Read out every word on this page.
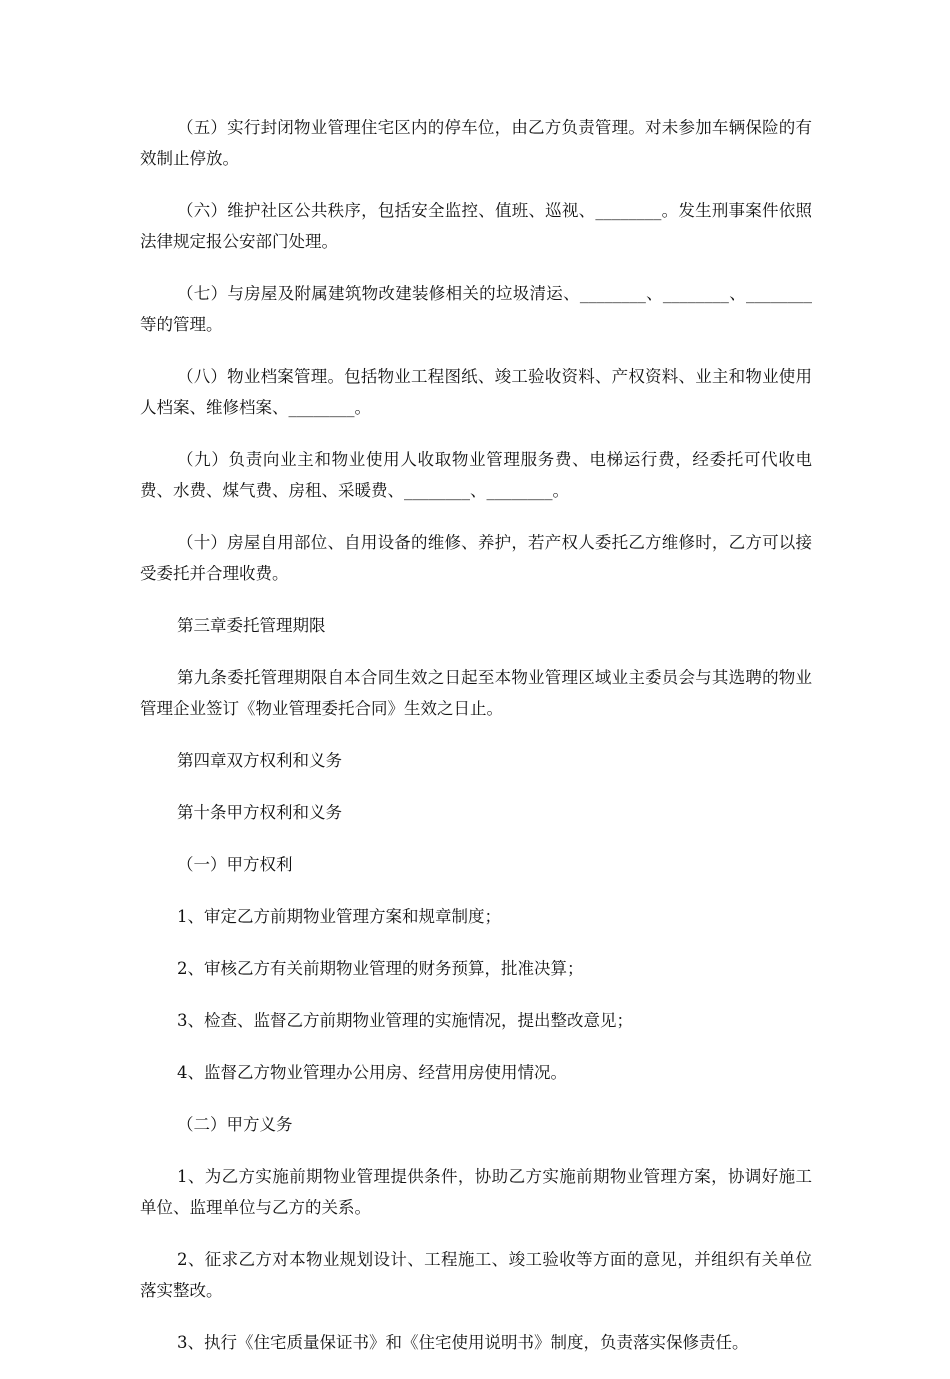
（五）实行封闭物业管理住宅区内的停车位，由乙方负责管理。对未参加车辆保险的有效制止停放。

（六）维护社区公共秩序，包括安全监控、值班、巡视、________。发生刑事案件依照法律规定报公安部门处理。

（七）与房屋及附属建筑物改建装修相关的垃圾清运、________、________、________等的管理。

（八）物业档案管理。包括物业工程图纸、竣工验收资料、产权资料、业主和物业使用人档案、维修档案、________。

（九）负责向业主和物业使用人收取物业管理服务费、电梯运行费，经委托可代收电费、水费、煤气费、房租、采暖费、________、________。

（十）房屋自用部位、自用设备的维修、养护，若产权人委托乙方维修时，乙方可以接受委托并合理收费。

第三章委托管理期限

第九条委托管理期限自本合同生效之日起至本物业管理区域业主委员会与其选聘的物业管理企业签订《物业管理委托合同》生效之日止。

第四章双方权利和义务

第十条甲方权利和义务

（一）甲方权利

1、审定乙方前期物业管理方案和规章制度；

2、审核乙方有关前期物业管理的财务预算，批准决算；

3、检查、监督乙方前期物业管理的实施情况，提出整改意见；

4、监督乙方物业管理办公用房、经营用房使用情况。

（二）甲方义务

1、为乙方实施前期物业管理提供条件，协助乙方实施前期物业管理方案，协调好施工单位、监理单位与乙方的关系。

2、征求乙方对本物业规划设计、工程施工、竣工验收等方面的意见，并组织有关单位落实整改。

3、执行《住宅质量保证书》和《住宅使用说明书》制度，负责落实保修责任。
